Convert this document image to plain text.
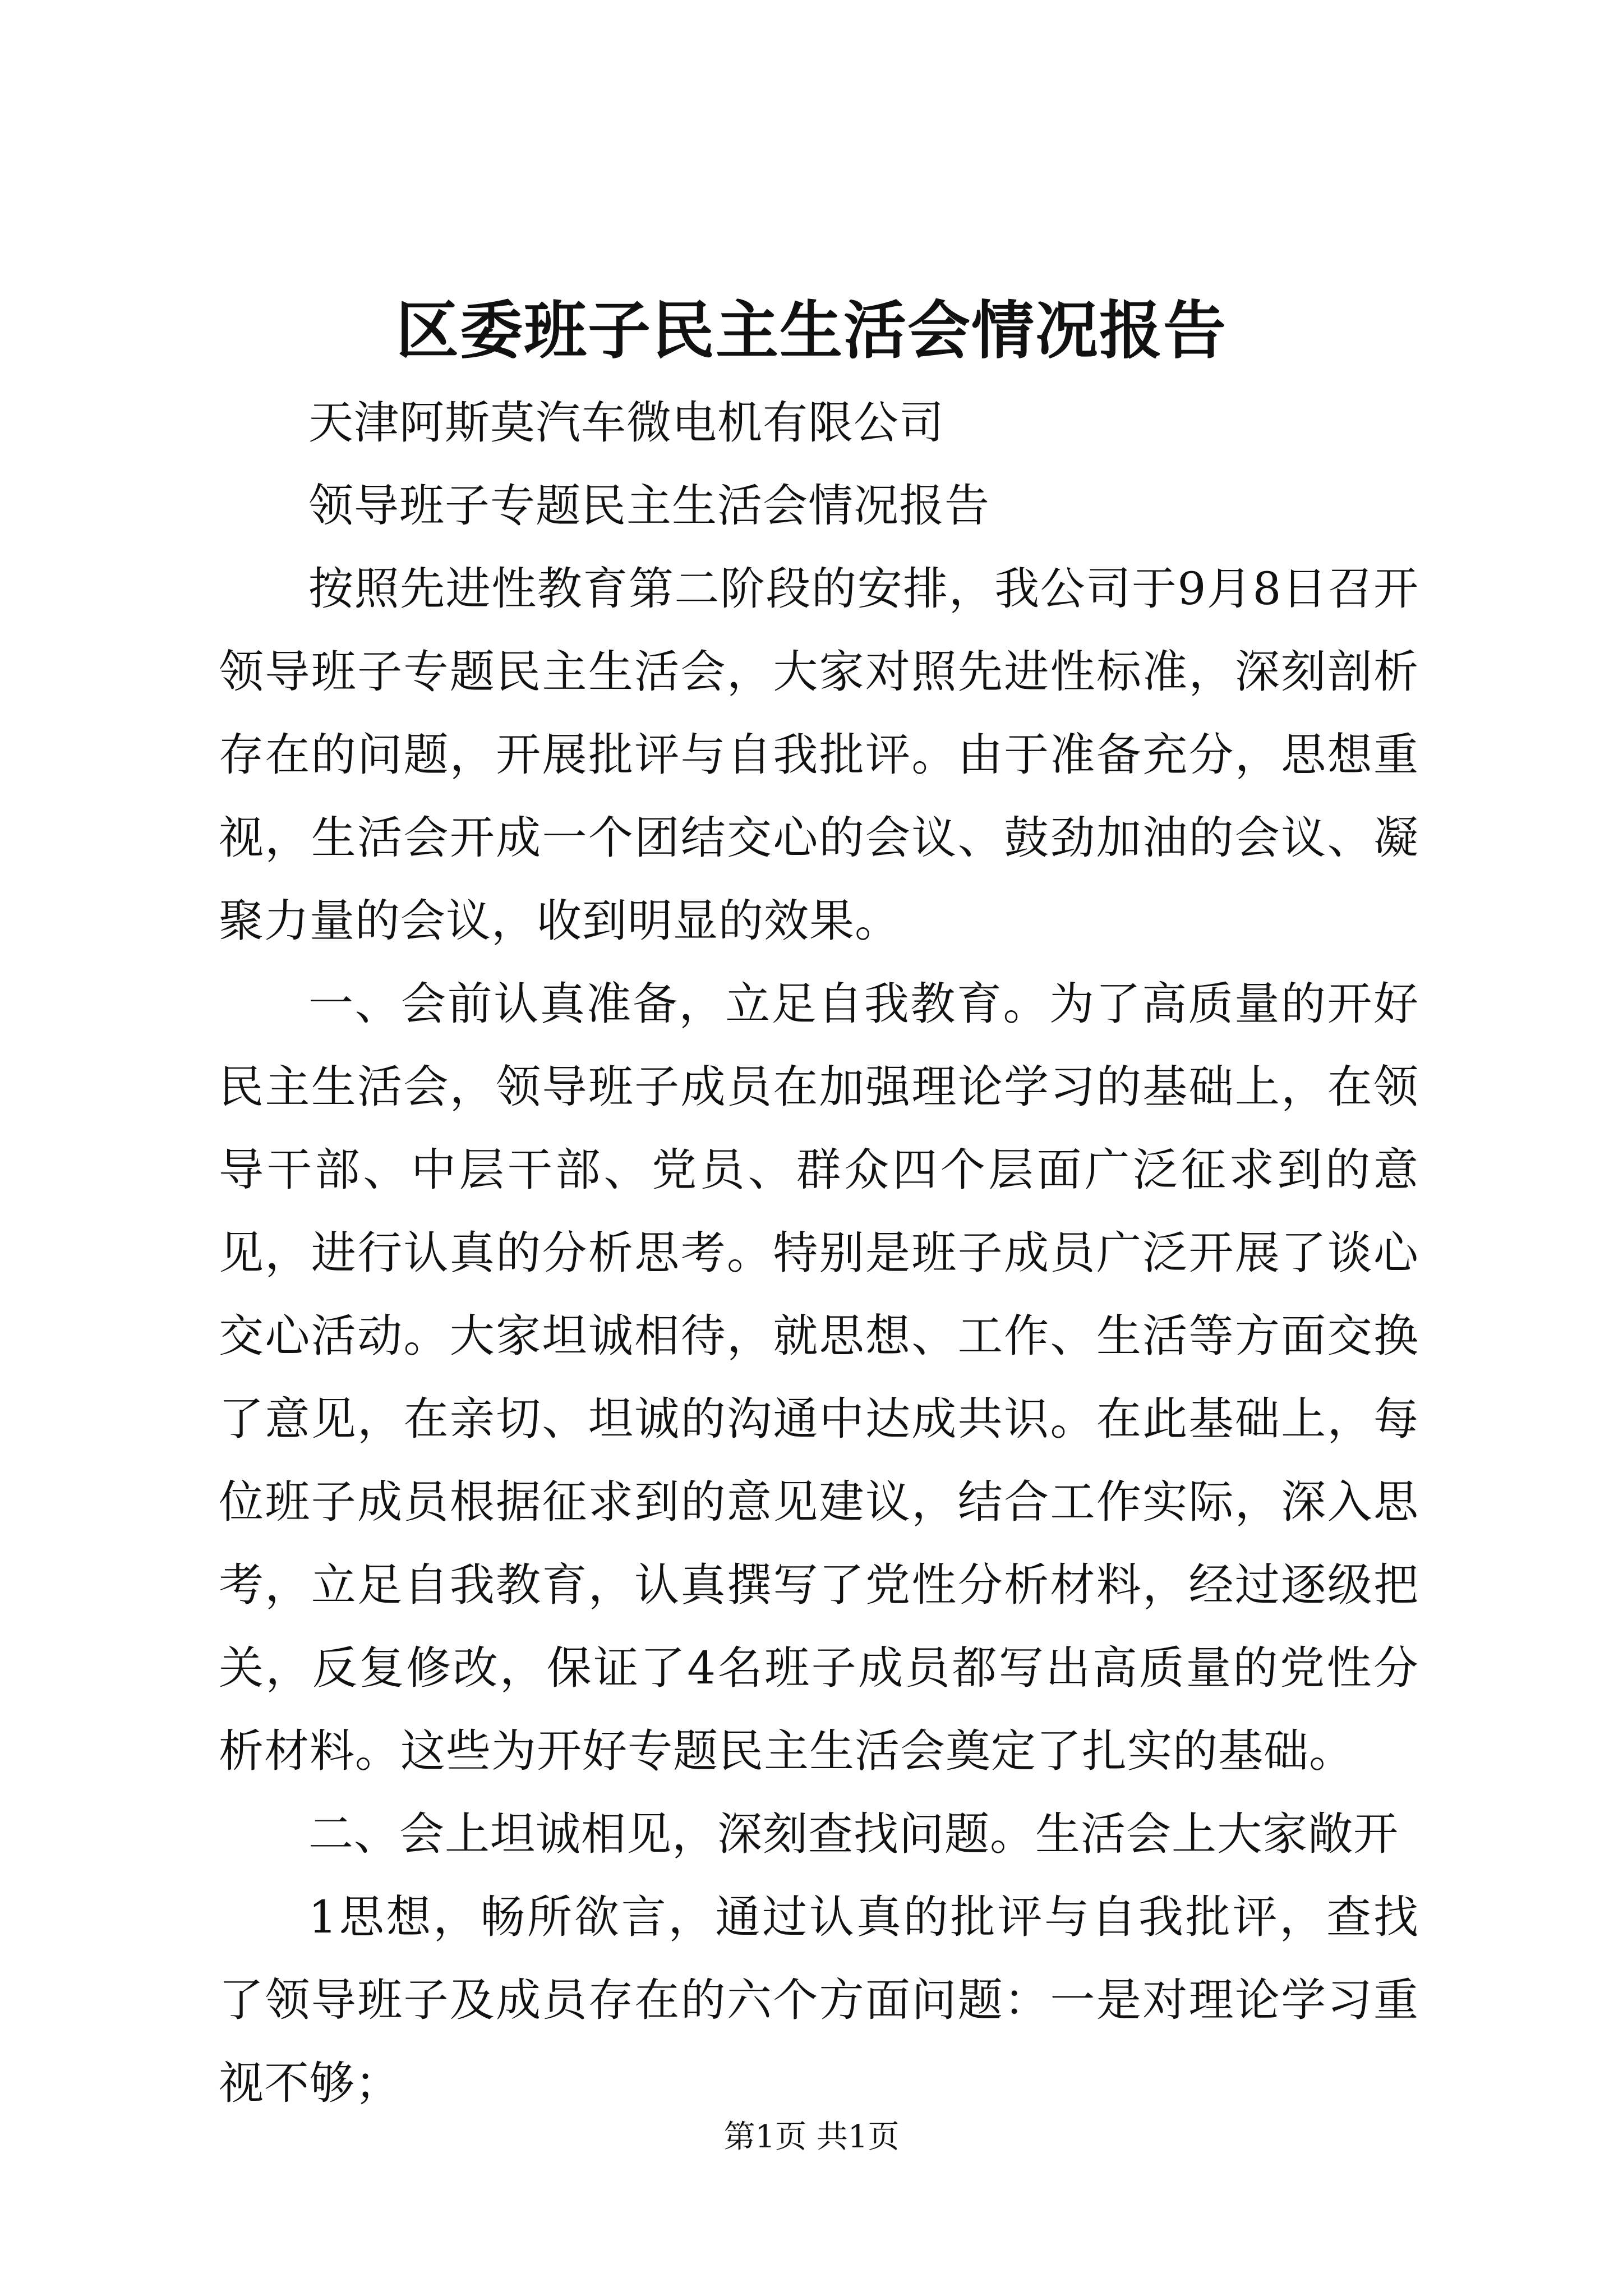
区委班子民主生活会情况报告

天津阿斯莫汽车微电机有限公司

领导班子专题民主生活会情况报告

按照先进性教育第二阶段的安排，我公司于9月8日召开领导班子专题民主生活会，大家对照先进性标准，深刻剖析存在的问题，开展批评与自我批评。由于准备充分，思想重视，生活会开成一个团结交心的会议、鼓劲加油的会议、凝聚力量的会议，收到明显的效果。

一、会前认真准备，立足自我教育。为了高质量的开好民主生活会，领导班子成员在加强理论学习的基础上，在领导干部、中层干部、党员、群众四个层面广泛征求到的意见，进行认真的分析思考。特别是班子成员广泛开展了谈心交心活动。大家坦诚相待，就思想、工作、生活等方面交换了意见，在亲切、坦诚的沟通中达成共识。在此基础上，每位班子成员根据征求到的意见建议，结合工作实际，深入思考，立足自我教育，认真撰写了党性分析材料，经过逐级把关，反复修改，保证了4名班子成员都写出高质量的党性分析材料。这些为开好专题民主生活会奠定了扎实的基础。

二、会上坦诚相见，深刻查找问题。生活会上大家敞开

1思想，畅所欲言，通过认真的批评与自我批评，查找了领导班子及成员存在的六个方面问题：一是对理论学习重视不够；

第1页 共1页
